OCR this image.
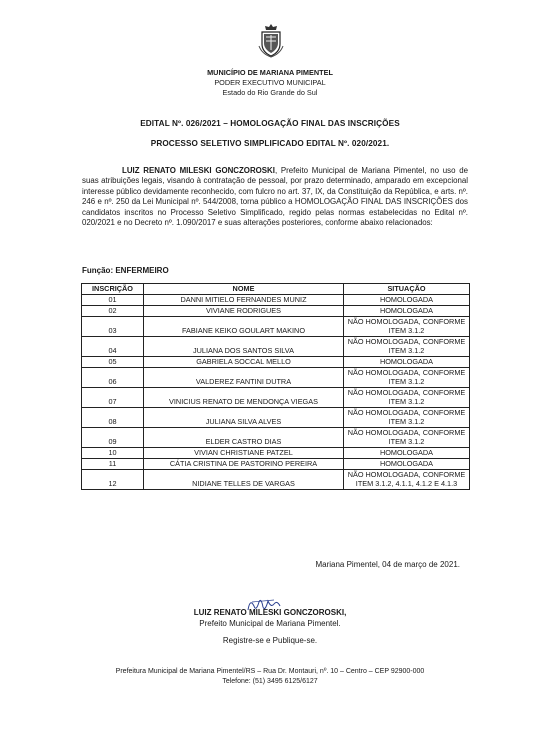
MUNICÍPIO DE MARIANA PIMENTEL
PODER EXECUTIVO MUNICIPAL
Estado do Rio Grande do Sul
EDITAL Nº. 026/2021 – HOMOLOGAÇÃO FINAL DAS INSCRIÇÕES
PROCESSO SELETIVO SIMPLIFICADO EDITAL Nº. 020/2021.
LUIZ RENATO MILESKI GONCZOROSKI, Prefeito Municipal de Mariana Pimentel, no uso de suas atribuições legais, visando à contratação de pessoal, por prazo determinado, amparado em excepcional interesse público devidamente reconhecido, com fulcro no art. 37, IX, da Constituição da República, e arts. nº. 246 e nº. 250 da Lei Municipal nº. 544/2008, torna público a HOMOLOGAÇÃO FINAL DAS INSCRIÇÕES dos candidatos inscritos no Processo Seletivo Simplificado, regido pelas normas estabelecidas no Edital nº. 020/2021 e no Decreto nº. 1.090/2017 e suas alterações posteriores, conforme abaixo relacionados:
Função: ENFERMEIRO
INSCRIÇÃO	NOME	SITUAÇÃO
01	DANNI MITIELO FERNANDES MUNIZ	HOMOLOGADA

02	VIVIANE RODRIGUES	HOMOLOGADA

03	FABIANE KEIKO GOULART MAKINO	NÃO HOMOLOGADA, CONFORME
ITEM 3.1.2

04	JULIANA DOS SANTOS SILVA	NÃO HOMOLOGADA, CONFORME
ITEM 3.1.2

05	GABRIELA SOCCAL MELLO	HOMOLOGADA

06	VALDEREZ FANTINI DUTRA	NÃO HOMOLOGADA, CONFORME
ITEM 3.1.2

07	VINICIUS RENATO DE MENDONÇA VIEGAS	NÃO HOMOLOGADA, CONFORME
ITEM 3.1.2

08	JULIANA SILVA ALVES	NÃO HOMOLOGADA, CONFORME
ITEM 3.1.2

09	ELDER CASTRO DIAS	NÃO HOMOLOGADA, CONFORME
ITEM 3.1.2

10	VIVIAN CHRISTIANE PATZEL	HOMOLOGADA

11	CÁTIA CRISTINA DE PASTORINO PEREIRA	HOMOLOGADA

12	NIDIANE TELLES DE VARGAS	NÃO HOMOLOGADA, CONFORME
ITEM 3.1.2, 4.1.1, 4.1.2 E 4.1.3
Mariana Pimentel, 04 de março de 2021.
LUIZ RENATO MILESKI GONCZOROSKI,
Prefeito Municipal de Mariana Pimentel.
Registre-se e Publique-se.
Prefeitura Municipal de Mariana Pimentel/RS – Rua Dr. Montauri, nº. 10 – Centro – CEP 92900-000
Telefone: (51) 3495 6125/6127
